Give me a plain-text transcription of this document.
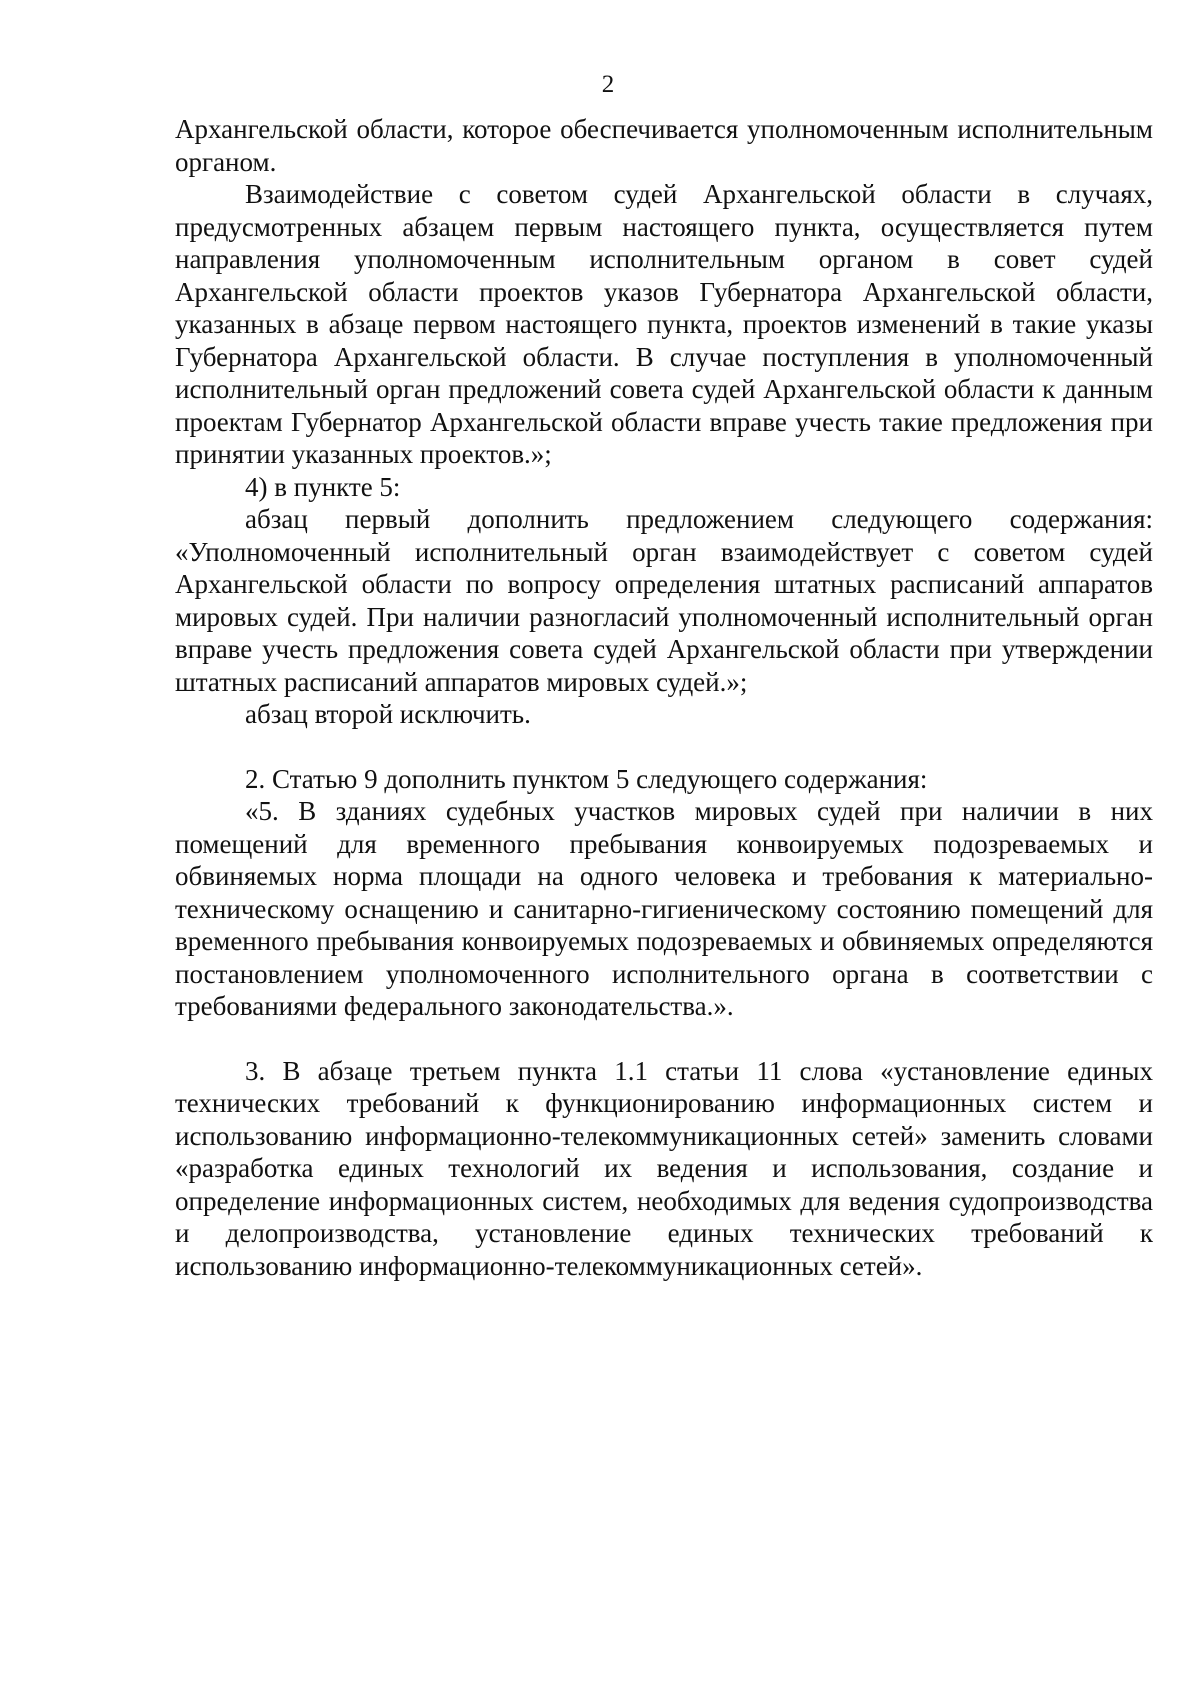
2

Архангельской области, которое обеспечивается уполномоченным исполнительным органом.

Взаимодействие с советом судей Архангельской области в случаях, предусмотренных абзацем первым настоящего пункта, осуществляется путем направления уполномоченным исполнительным органом в совет судей Архангельской области проектов указов Губернатора Архангельской области, указанных в абзаце первом настоящего пункта, проектов изменений в такие указы Губернатора Архангельской области. В случае поступления в уполномоченный исполнительный орган предложений совета судей Архангельской области к данным проектам Губернатор Архангельской области вправе учесть такие предложения при принятии указанных проектов.»;

4) в пункте 5:

абзац первый дополнить предложением следующего содержания: «Уполномоченный исполнительный орган взаимодействует с советом судей Архангельской области по вопросу определения штатных расписаний аппаратов мировых судей. При наличии разногласий уполномоченный исполнительный орган вправе учесть предложения совета судей Архангельской области при утверждении штатных расписаний аппаратов мировых судей.»;

абзац второй исключить.

2. Статью 9 дополнить пунктом 5 следующего содержания:

«5. В зданиях судебных участков мировых судей при наличии в них помещений для временного пребывания конвоируемых подозреваемых и обвиняемых норма площади на одного человека и требования к материально-техническому оснащению и санитарно-гигиеническому состоянию помещений для временного пребывания конвоируемых подозреваемых и обвиняемых определяются постановлением уполномоченного исполнительного органа в соответствии с требованиями федерального законодательства.».

3. В абзаце третьем пункта 1.1 статьи 11 слова «установление единых технических требований к функционированию информационных систем и использованию информационно-телекоммуникационных сетей» заменить словами «разработка единых технологий их ведения и использования, создание и определение информационных систем, необходимых для ведения судопроизводства и делопроизводства, установление единых технических требований к использованию информационно-телекоммуникационных сетей».
